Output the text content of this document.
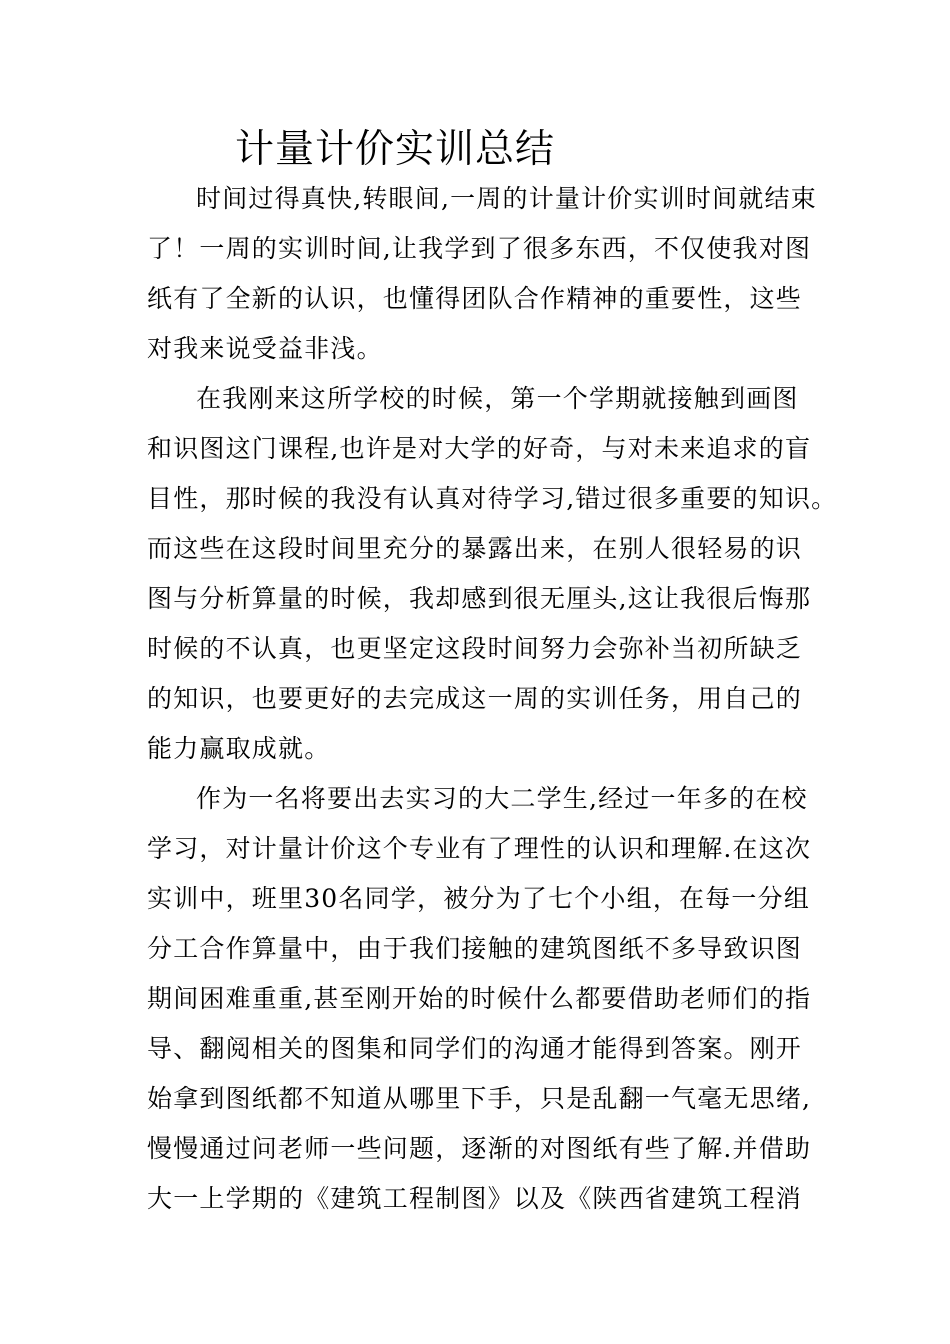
计量计价实训总结
时间过得真快,转眼间,一周的计量计价实训时间就结束
了！一周的实训时间,让我学到了很多东西，不仅使我对图
纸有了全新的认识，也懂得团队合作精神的重要性，这些
对我来说受益非浅。
在我刚来这所学校的时候，第一个学期就接触到画图
和识图这门课程,也许是对大学的好奇，与对未来追求的盲
目性，那时候的我没有认真对待学习,错过很多重要的知识。
而这些在这段时间里充分的暴露出来，在别人很轻易的识
图与分析算量的时候，我却感到很无厘头,这让我很后悔那
时候的不认真，也更坚定这段时间努力会弥补当初所缺乏
的知识，也要更好的去完成这一周的实训任务，用自己的
能力赢取成就。
作为一名将要出去实习的大二学生,经过一年多的在校
学习，对计量计价这个专业有了理性的认识和理解.在这次
实训中，班里30名同学，被分为了七个小组，在每一分组
分工合作算量中，由于我们接触的建筑图纸不多导致识图
期间困难重重,甚至刚开始的时候什么都要借助老师们的指
导、翻阅相关的图集和同学们的沟通才能得到答案。刚开
始拿到图纸都不知道从哪里下手，只是乱翻一气毫无思绪,
慢慢通过问老师一些问题，逐渐的对图纸有些了解.并借助
大一上学期的《建筑工程制图》以及《陕西省建筑工程消
